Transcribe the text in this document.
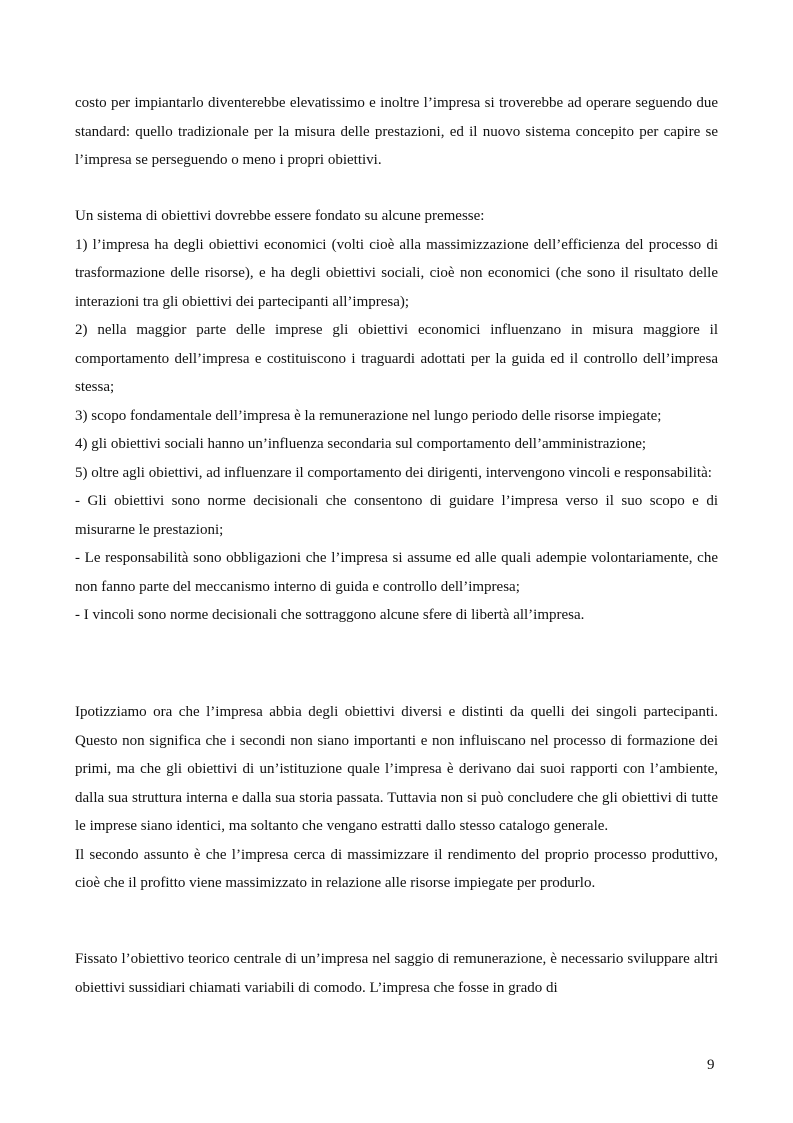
costo per impiantarlo diventerebbe elevatissimo e inoltre l’impresa si troverebbe ad operare seguendo due standard: quello tradizionale per la misura delle prestazioni, ed il nuovo sistema concepito per capire se l’impresa se perseguendo o meno i propri obiettivi.

Un sistema di obiettivi dovrebbe essere fondato su alcune premesse:
1) l’impresa ha degli obiettivi economici (volti cioè alla massimizzazione dell’efficienza del processo di trasformazione delle risorse), e ha degli obiettivi sociali, cioè non economici (che sono il risultato delle interazioni tra gli obiettivi dei partecipanti all’impresa);
2) nella maggior parte delle imprese gli obiettivi economici influenzano in misura maggiore il comportamento dell’impresa e costituiscono i traguardi adottati per la guida ed il controllo dell’impresa stessa;
3) scopo fondamentale dell’impresa è la remunerazione nel lungo periodo delle risorse impiegate;
4) gli obiettivi sociali hanno un’influenza secondaria sul comportamento dell’amministrazione;
5) oltre agli obiettivi, ad influenzare il comportamento dei dirigenti, intervengono vincoli e responsabilità:
- Gli obiettivi sono norme decisionali che consentono di guidare l’impresa verso il suo scopo e di misurarne le prestazioni;
- Le responsabilità sono obbligazioni che l’impresa si assume ed alle quali adempie volontariamente, che non fanno parte del meccanismo interno di guida e controllo dell’impresa;
- I vincoli sono norme decisionali che sottraggono alcune sfere di libertà all’impresa.

Ipotizziamo ora che l’impresa abbia degli obiettivi diversi e distinti da quelli dei singoli partecipanti. Questo non significa che i secondi non siano importanti e non influiscano nel processo di formazione dei primi, ma che gli obiettivi di un’istituzione quale l’impresa è derivano dai suoi rapporti con l’ambiente, dalla sua struttura interna e dalla sua storia passata. Tuttavia non si può concludere che gli obiettivi di tutte le imprese siano identici, ma soltanto che vengano estratti dallo stesso catalogo generale.
Il secondo assunto è che l’impresa cerca di massimizzare il rendimento del proprio processo produttivo, cioè che il profitto viene massimizzato in relazione alle risorse impiegate per produrlo.

Fissato l’obiettivo teorico centrale di un’impresa nel saggio di remunerazione, è necessario sviluppare altri obiettivi sussidiari chiamati variabili di comodo. L’impresa che fosse in grado di

9
